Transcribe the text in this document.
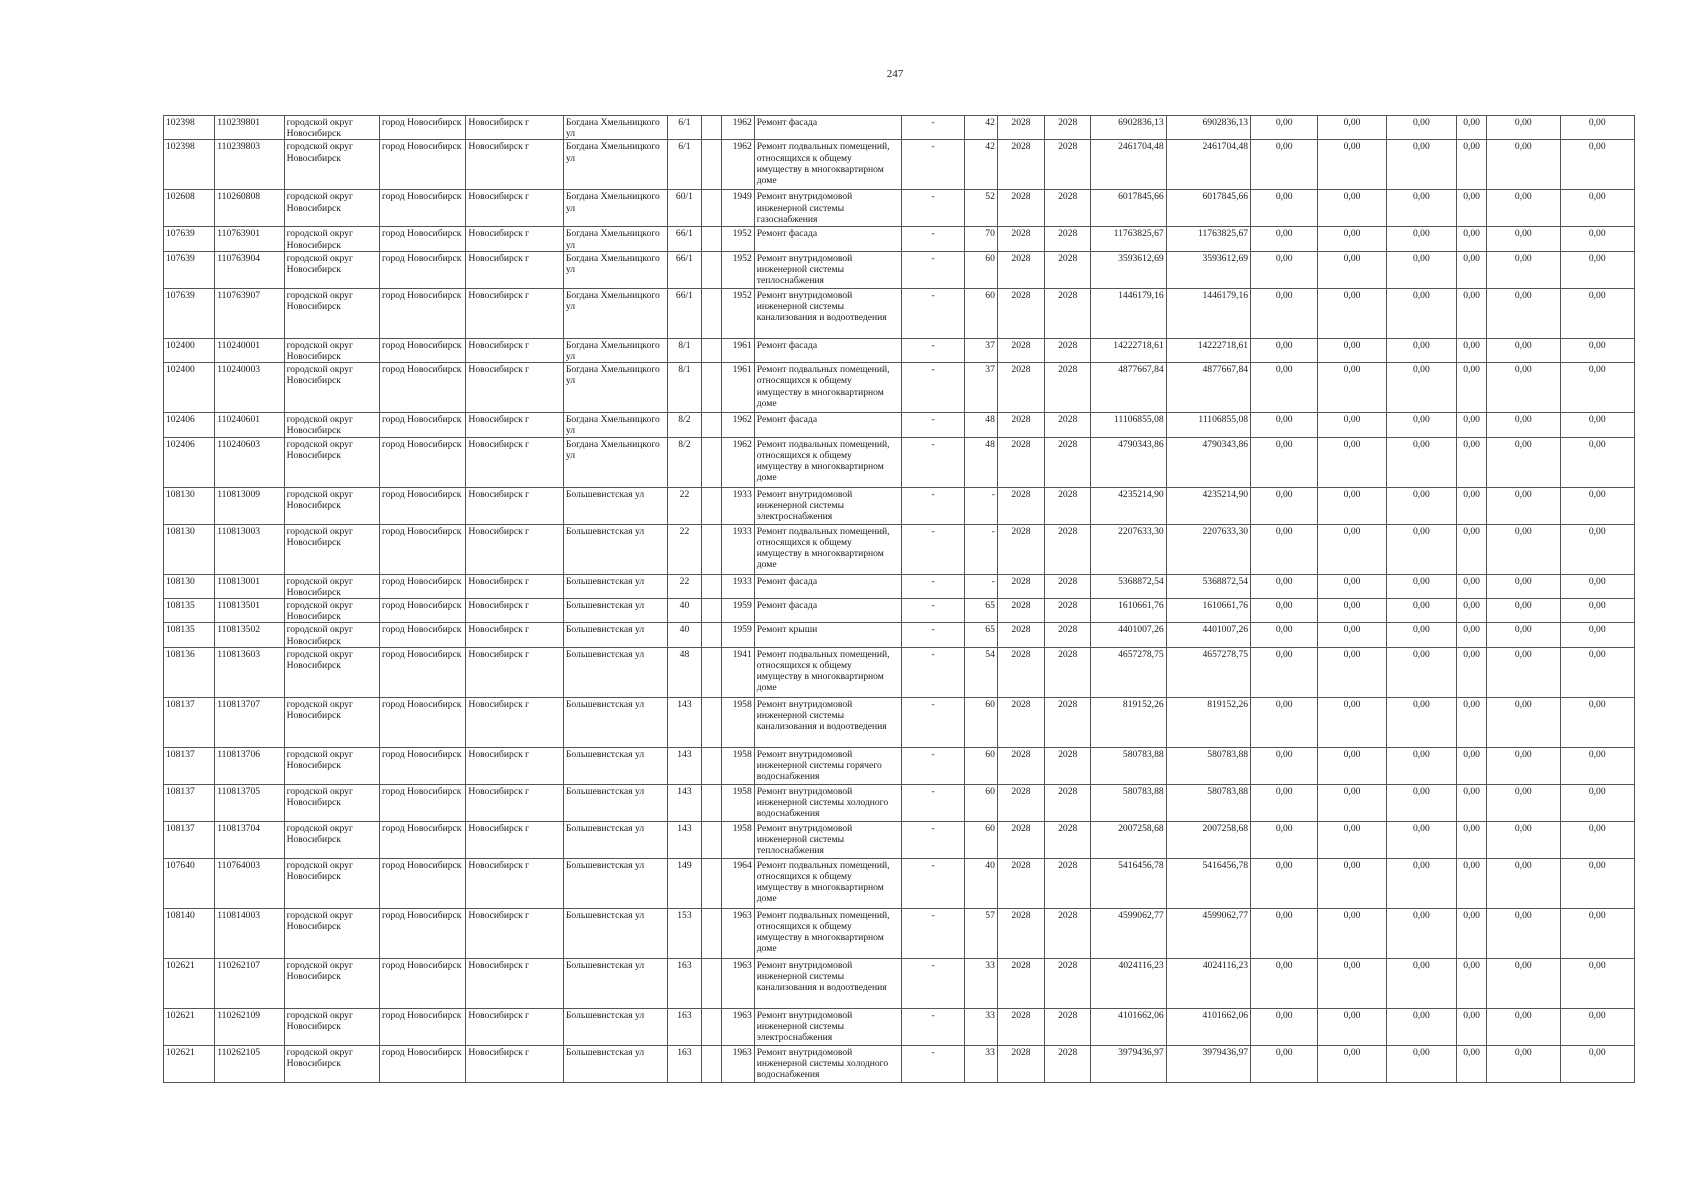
247
102398	110239801	городской округ Новосибирск	город Новосибирск	Новосибирск г	Богдана Хмельницкого ул	6/1		1962	Ремонт фасада	-	42	2028	2028	6902836,13	6902836,13	0,00	0,00	0,00	0,00	0,00	0,00
102398	110239803	городской округ Новосибирск	город Новосибирск	Новосибирск г	Богдана Хмельницкого ул	6/1		1962	Ремонт подвальных помещений, относящихся к общему имуществу в многоквартирном доме	-	42	2028	2028	2461704,48	2461704,48	0,00	0,00	0,00	0,00	0,00	0,00
102608	110260808	городской округ Новосибирск	город Новосибирск	Новосибирск г	Богдана Хмельницкого ул	60/1		1949	Ремонт внутридомовой инженерной системы газоснабжения	-	52	2028	2028	6017845,66	6017845,66	0,00	0,00	0,00	0,00	0,00	0,00
107639	110763901	городской округ Новосибирск	город Новосибирск	Новосибирск г	Богдана Хмельницкого ул	66/1		1952	Ремонт фасада	-	70	2028	2028	11763825,67	11763825,67	0,00	0,00	0,00	0,00	0,00	0,00
107639	110763904	городской округ Новосибирск	город Новосибирск	Новосибирск г	Богдана Хмельницкого ул	66/1		1952	Ремонт внутридомовой инженерной системы теплоснабжения	-	60	2028	2028	3593612,69	3593612,69	0,00	0,00	0,00	0,00	0,00	0,00
107639	110763907	городской округ Новосибирск	город Новосибирск	Новосибирск г	Богдана Хмельницкого ул	66/1		1952	Ремонт внутридомовой инженерной системы канализования и водоотведения	-	60	2028	2028	1446179,16	1446179,16	0,00	0,00	0,00	0,00	0,00	0,00
102400	110240001	городской округ Новосибирск	город Новосибирск	Новосибирск г	Богдана Хмельницкого ул	8/1		1961	Ремонт фасада	-	37	2028	2028	14222718,61	14222718,61	0,00	0,00	0,00	0,00	0,00	0,00
102400	110240003	городской округ Новосибирск	город Новосибирск	Новосибирск г	Богдана Хмельницкого ул	8/1		1961	Ремонт подвальных помещений, относящихся к общему имуществу в многоквартирном доме	-	37	2028	2028	4877667,84	4877667,84	0,00	0,00	0,00	0,00	0,00	0,00
102406	110240601	городской округ Новосибирск	город Новосибирск	Новосибирск г	Богдана Хмельницкого ул	8/2		1962	Ремонт фасада	-	48	2028	2028	11106855,08	11106855,08	0,00	0,00	0,00	0,00	0,00	0,00
102406	110240603	городской округ Новосибирск	город Новосибирск	Новосибирск г	Богдана Хмельницкого ул	8/2		1962	Ремонт подвальных помещений, относящихся к общему имуществу в многоквартирном доме	-	48	2028	2028	4790343,86	4790343,86	0,00	0,00	0,00	0,00	0,00	0,00
108130	110813009	городской округ Новосибирск	город Новосибирск	Новосибирск г	Большевистская ул	22		1933	Ремонт внутридомовой инженерной системы электроснабжения	-	-	2028	2028	4235214,90	4235214,90	0,00	0,00	0,00	0,00	0,00	0,00
108130	110813003	городской округ Новосибирск	город Новосибирск	Новосибирск г	Большевистская ул	22		1933	Ремонт подвальных помещений, относящихся к общему имуществу в многоквартирном доме	-	-	2028	2028	2207633,30	2207633,30	0,00	0,00	0,00	0,00	0,00	0,00
108130	110813001	городской округ Новосибирск	город Новосибирск	Новосибирск г	Большевистская ул	22		1933	Ремонт фасада	-	-	2028	2028	5368872,54	5368872,54	0,00	0,00	0,00	0,00	0,00	0,00
108135	110813501	городской округ Новосибирск	город Новосибирск	Новосибирск г	Большевистская ул	40		1959	Ремонт фасада	-	65	2028	2028	1610661,76	1610661,76	0,00	0,00	0,00	0,00	0,00	0,00
108135	110813502	городской округ Новосибирск	город Новосибирск	Новосибирск г	Большевистская ул	40		1959	Ремонт крыши	-	65	2028	2028	4401007,26	4401007,26	0,00	0,00	0,00	0,00	0,00	0,00
108136	110813603	городской округ Новосибирск	город Новосибирск	Новосибирск г	Большевистская ул	48		1941	Ремонт подвальных помещений, относящихся к общему имуществу в многоквартирном доме	-	54	2028	2028	4657278,75	4657278,75	0,00	0,00	0,00	0,00	0,00	0,00
108137	110813707	городской округ Новосибирск	город Новосибирск	Новосибирск г	Большевистская ул	143		1958	Ремонт внутридомовой инженерной системы канализования и водоотведения	-	60	2028	2028	819152,26	819152,26	0,00	0,00	0,00	0,00	0,00	0,00
108137	110813706	городской округ Новосибирск	город Новосибирск	Новосибирск г	Большевистская ул	143		1958	Ремонт внутридомовой инженерной системы горячего водоснабжения	-	60	2028	2028	580783,88	580783,88	0,00	0,00	0,00	0,00	0,00	0,00
108137	110813705	городской округ Новосибирск	город Новосибирск	Новосибирск г	Большевистская ул	143		1958	Ремонт внутридомовой инженерной системы холодного водоснабжения	-	60	2028	2028	580783,88	580783,88	0,00	0,00	0,00	0,00	0,00	0,00
108137	110813704	городской округ Новосибирск	город Новосибирск	Новосибирск г	Большевистская ул	143		1958	Ремонт внутридомовой инженерной системы теплоснабжения	-	60	2028	2028	2007258,68	2007258,68	0,00	0,00	0,00	0,00	0,00	0,00
107640	110764003	городской округ Новосибирск	город Новосибирск	Новосибирск г	Большевистская ул	149		1964	Ремонт подвальных помещений, относящихся к общему имуществу в многоквартирном доме	-	40	2028	2028	5416456,78	5416456,78	0,00	0,00	0,00	0,00	0,00	0,00
108140	110814003	городской округ Новосибирск	город Новосибирск	Новосибирск г	Большевистская ул	153		1963	Ремонт подвальных помещений, относящихся к общему имуществу в многоквартирном доме	-	57	2028	2028	4599062,77	4599062,77	0,00	0,00	0,00	0,00	0,00	0,00
102621	110262107	городской округ Новосибирск	город Новосибирск	Новосибирск г	Большевистская ул	163		1963	Ремонт внутридомовой инженерной системы канализования и водоотведения	-	33	2028	2028	4024116,23	4024116,23	0,00	0,00	0,00	0,00	0,00	0,00
102621	110262109	городской округ Новосибирск	город Новосибирск	Новосибирск г	Большевистская ул	163		1963	Ремонт внутридомовой инженерной системы электроснабжения	-	33	2028	2028	4101662,06	4101662,06	0,00	0,00	0,00	0,00	0,00	0,00
102621	110262105	городской округ Новосибирск	город Новосибирск	Новосибирск г	Большевистская ул	163		1963	Ремонт внутридомовой инженерной системы холодного водоснабжения	-	33	2028	2028	3979436,97	3979436,97	0,00	0,00	0,00	0,00	0,00	0,00
